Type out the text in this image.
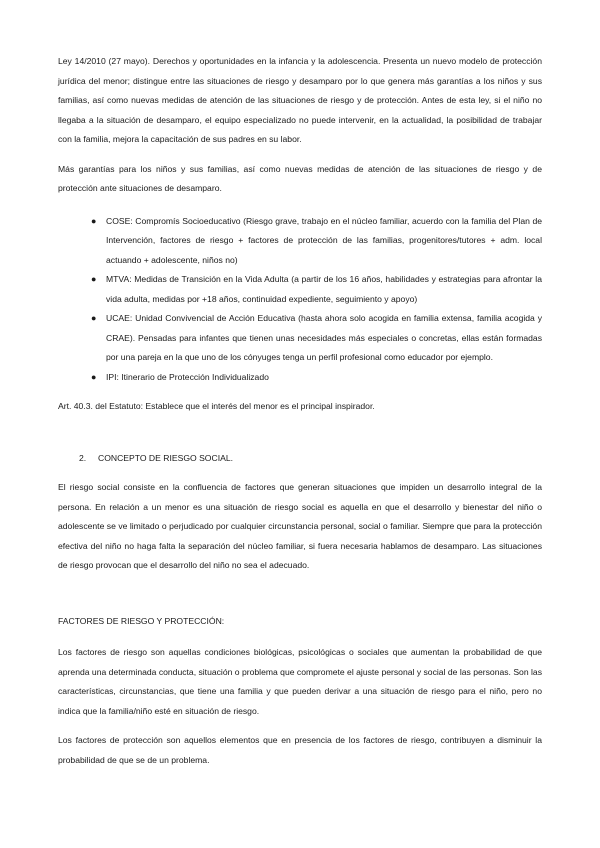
Ley 14/2010 (27 mayo). Derechos y oportunidades en la infancia y la adolescencia. Presenta un nuevo modelo de protección jurídica del menor; distingue entre las situaciones de riesgo y desamparo por lo que genera más garantías a los niños y sus familias, así como nuevas medidas de atención de las situaciones de riesgo y de protección. Antes de esta ley, si el niño no llegaba a la situación de desamparo, el equipo especializado no puede intervenir, en la actualidad, la posibilidad de trabajar con la familia, mejora la capacitación de sus padres en su labor.

Más garantías para los niños y sus familias, así como nuevas medidas de atención de las situaciones de riesgo y de protección ante situaciones de desamparo.

● COSE: Compromís Socioeducativo (Riesgo grave, trabajo en el núcleo familiar, acuerdo con la familia del Plan de Intervención, factores de riesgo + factores de protección de las familias, progenitores/tutores + adm. local actuando + adolescente, niños no)
● MTVA: Medidas de Transición en la Vida Adulta (a partir de los 16 años, habilidades y estrategias para afrontar la vida adulta, medidas por +18 años, continuidad expediente, seguimiento y apoyo)
● UCAE: Unidad Convivencial de Acción Educativa (hasta ahora solo acogida en familia extensa, familia acogida y CRAE). Pensadas para infantes que tienen unas necesidades más especiales o concretas, ellas están formadas por una pareja en la que uno de los cónyuges tenga un perfil profesional como educador por ejemplo.
● IPI: Itinerario de Protección Individualizado

Art. 40.3. del Estatuto: Establece que el interés del menor es el principal inspirador.

2. CONCEPTO DE RIESGO SOCIAL.

El riesgo social consiste en la confluencia de factores que generan situaciones que impiden un desarrollo integral de la persona. En relación a un menor es una situación de riesgo social es aquella en que el desarrollo y bienestar del niño o adolescente se ve limitado o perjudicado por cualquier circunstancia personal, social o familiar. Siempre que para la protección efectiva del niño no haga falta la separación del núcleo familiar, si fuera necesaria hablamos de desamparo. Las situaciones de riesgo provocan que el desarrollo del niño no sea el adecuado.

FACTORES DE RIESGO Y PROTECCIÓN:

Los factores de riesgo son aquellas condiciones biológicas, psicológicas o sociales que aumentan la probabilidad de que aprenda una determinada conducta, situación o problema que compromete el ajuste personal y social de las personas. Son las características, circunstancias, que tiene una familia y que pueden derivar a una situación de riesgo para el niño, pero no indica que la familia/niño esté en situación de riesgo.

Los factores de protección son aquellos elementos que en presencia de los factores de riesgo, contribuyen a disminuir la probabilidad de que se de un problema.
